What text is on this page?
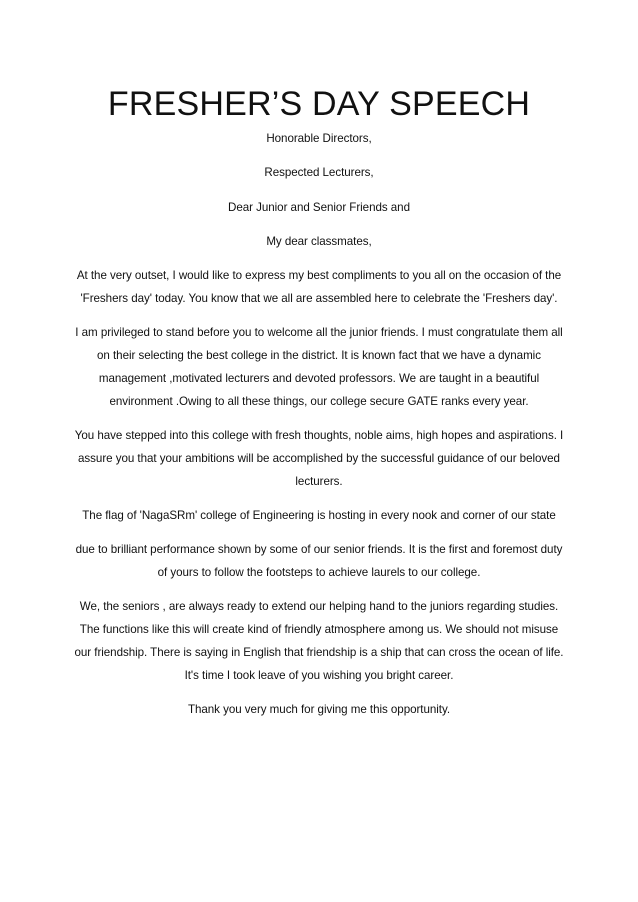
FRESHER’S DAY SPEECH

Honorable Directors,

Respected Lecturers,

Dear Junior and Senior Friends and

My dear classmates,

At the very outset, I would like to express my best compliments to you all on the occasion of the 'Freshers day' today. You know that we all are assembled here to celebrate the 'Freshers day'.

I am privileged to stand before you to welcome all the junior friends. I must congratulate them all on their selecting the best college in the district. It is known fact that we have a dynamic management ,motivated lecturers and devoted professors. We are taught in a beautiful environment .Owing to all these things, our college secure GATE ranks every year.

You have stepped into this college with fresh thoughts, noble aims, high hopes and aspirations. I assure you that your ambitions will be accomplished by the successful guidance of our beloved lecturers.

The flag of 'NagaSRm' college of Engineering is hosting in every nook and corner of our state

due to brilliant performance shown by some of our senior friends. It is the first and foremost duty of yours to follow the footsteps to achieve laurels to our college.

We, the seniors , are always ready to extend our helping hand to the juniors regarding studies. The functions like this will create kind of friendly atmosphere among us. We should not misuse our friendship. There is saying in English that friendship is a ship that can cross the ocean of life. It's time I took leave of you wishing you bright career.

Thank you very much for giving me this opportunity.
